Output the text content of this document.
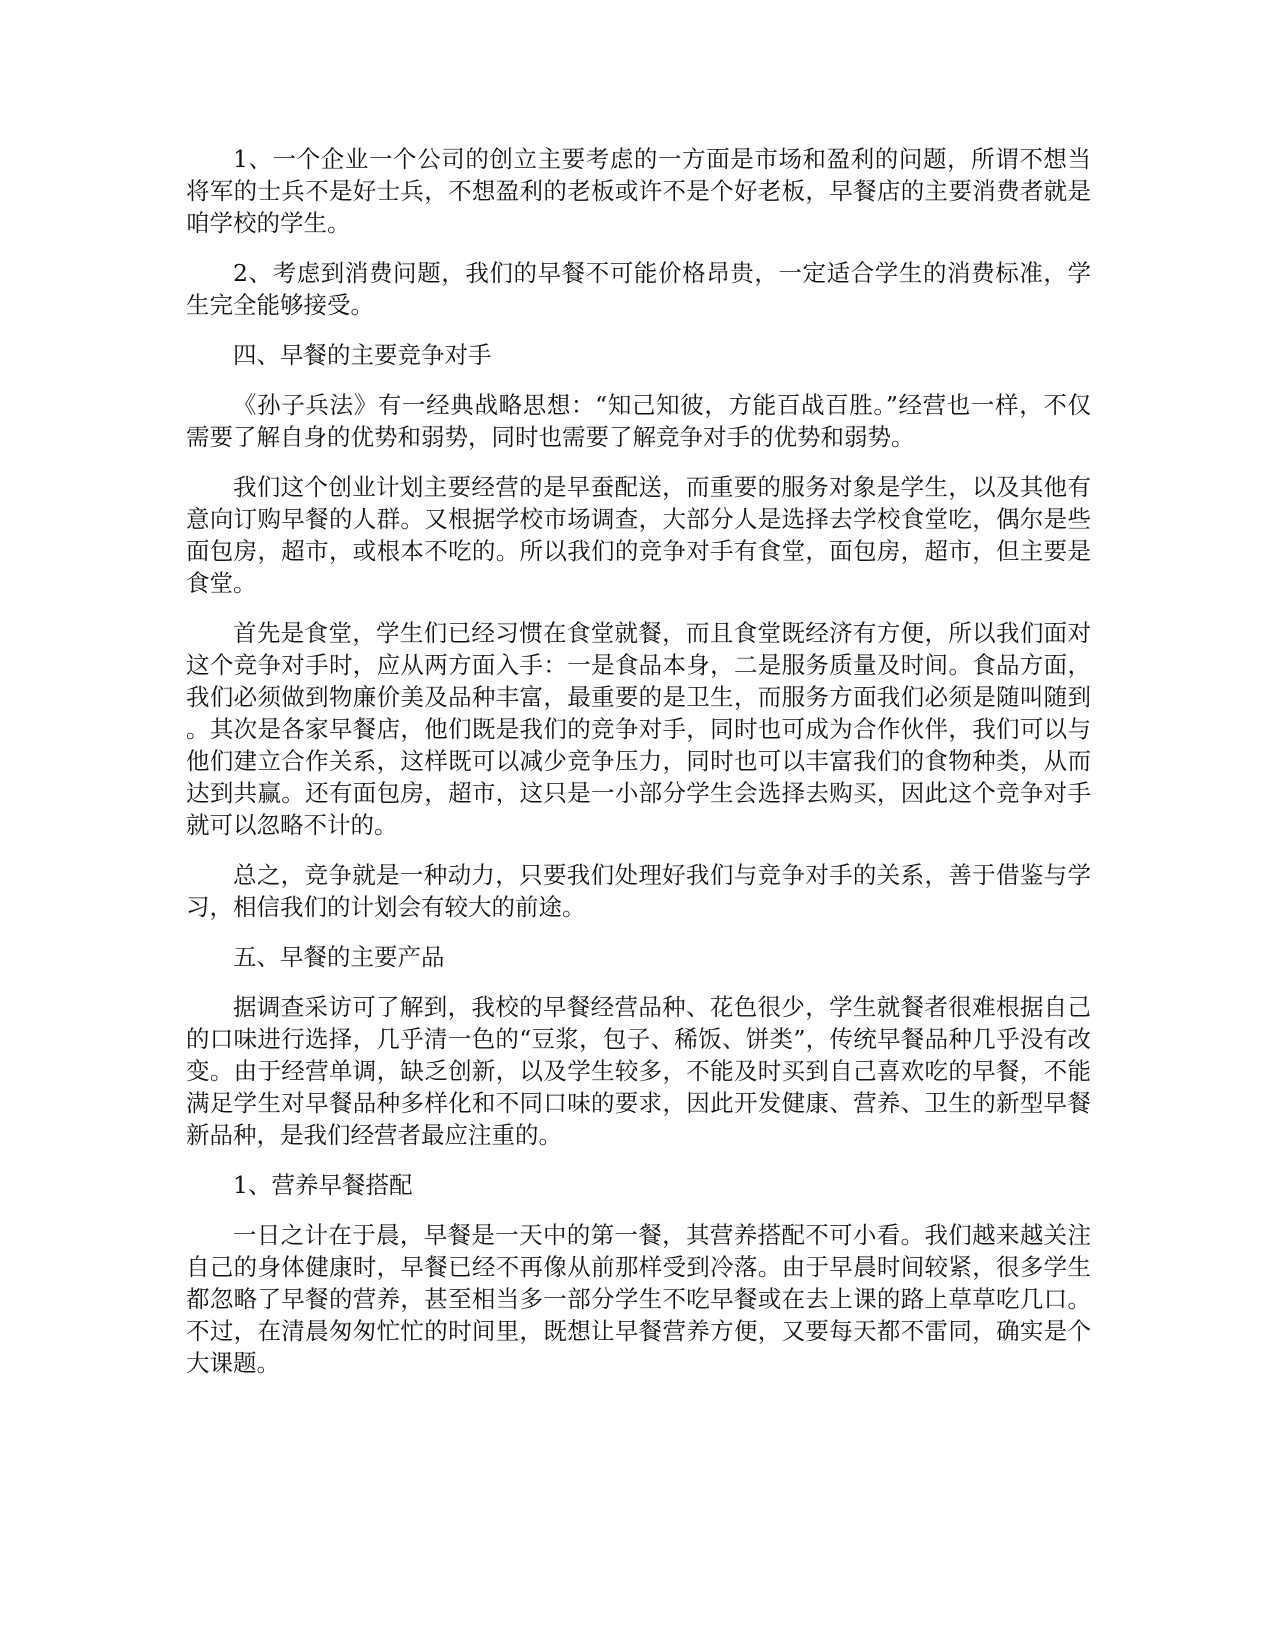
1、一个企业一个公司的创立主要考虑的一方面是市场和盈利的问题，所谓不想当将军的士兵不是好士兵，不想盈利的老板或许不是个好老板，早餐店的主要消费者就是咱学校的学生。

2、考虑到消费问题，我们的早餐不可能价格昂贵，一定适合学生的消费标准，学生完全能够接受。

四、早餐的主要竞争对手

《孙子兵法》有一经典战略思想：“知己知彼，方能百战百胜。”经营也一样，不仅需要了解自身的优势和弱势，同时也需要了解竞争对手的优势和弱势。

我们这个创业计划主要经营的是早蚕配送，而重要的服务对象是学生，以及其他有意向订购早餐的人群。又根据学校市场调查，大部分人是选择去学校食堂吃，偶尔是些面包房，超市，或根本不吃的。所以我们的竞争对手有食堂，面包房，超市，但主要是食堂。

首先是食堂，学生们已经习惯在食堂就餐，而且食堂既经济有方便，所以我们面对这个竞争对手时，应从两方面入手：一是食品本身，二是服务质量及时间。食品方面，我们必须做到物廉价美及品种丰富，最重要的是卫生，而服务方面我们必须是随叫随到。其次是各家早餐店，他们既是我们的竞争对手，同时也可成为合作伙伴，我们可以与他们建立合作关系，这样既可以减少竞争压力，同时也可以丰富我们的食物种类，从而达到共赢。还有面包房，超市，这只是一小部分学生会选择去购买，因此这个竞争对手就可以忽略不计的。

总之，竞争就是一种动力，只要我们处理好我们与竞争对手的关系，善于借鉴与学习，相信我们的计划会有较大的前途。

五、早餐的主要产品

据调查采访可了解到，我校的早餐经营品种、花色很少，学生就餐者很难根据自己的口味进行选择，几乎清一色的“豆浆，包子、稀饭、饼类”，传统早餐品种几乎没有改变。由于经营单调，缺乏创新，以及学生较多，不能及时买到自己喜欢吃的早餐，不能满足学生对早餐品种多样化和不同口味的要求，因此开发健康、营养、卫生的新型早餐新品种，是我们经营者最应注重的。

1、营养早餐搭配

一日之计在于晨，早餐是一天中的第一餐，其营养搭配不可小看。我们越来越关注自己的身体健康时，早餐已经不再像从前那样受到冷落。由于早晨时间较紧，很多学生都忽略了早餐的营养，甚至相当多一部分学生不吃早餐或在去上课的路上草草吃几口。不过，在清晨匆匆忙忙的时间里，既想让早餐营养方便，又要每天都不雷同，确实是个大课题。
